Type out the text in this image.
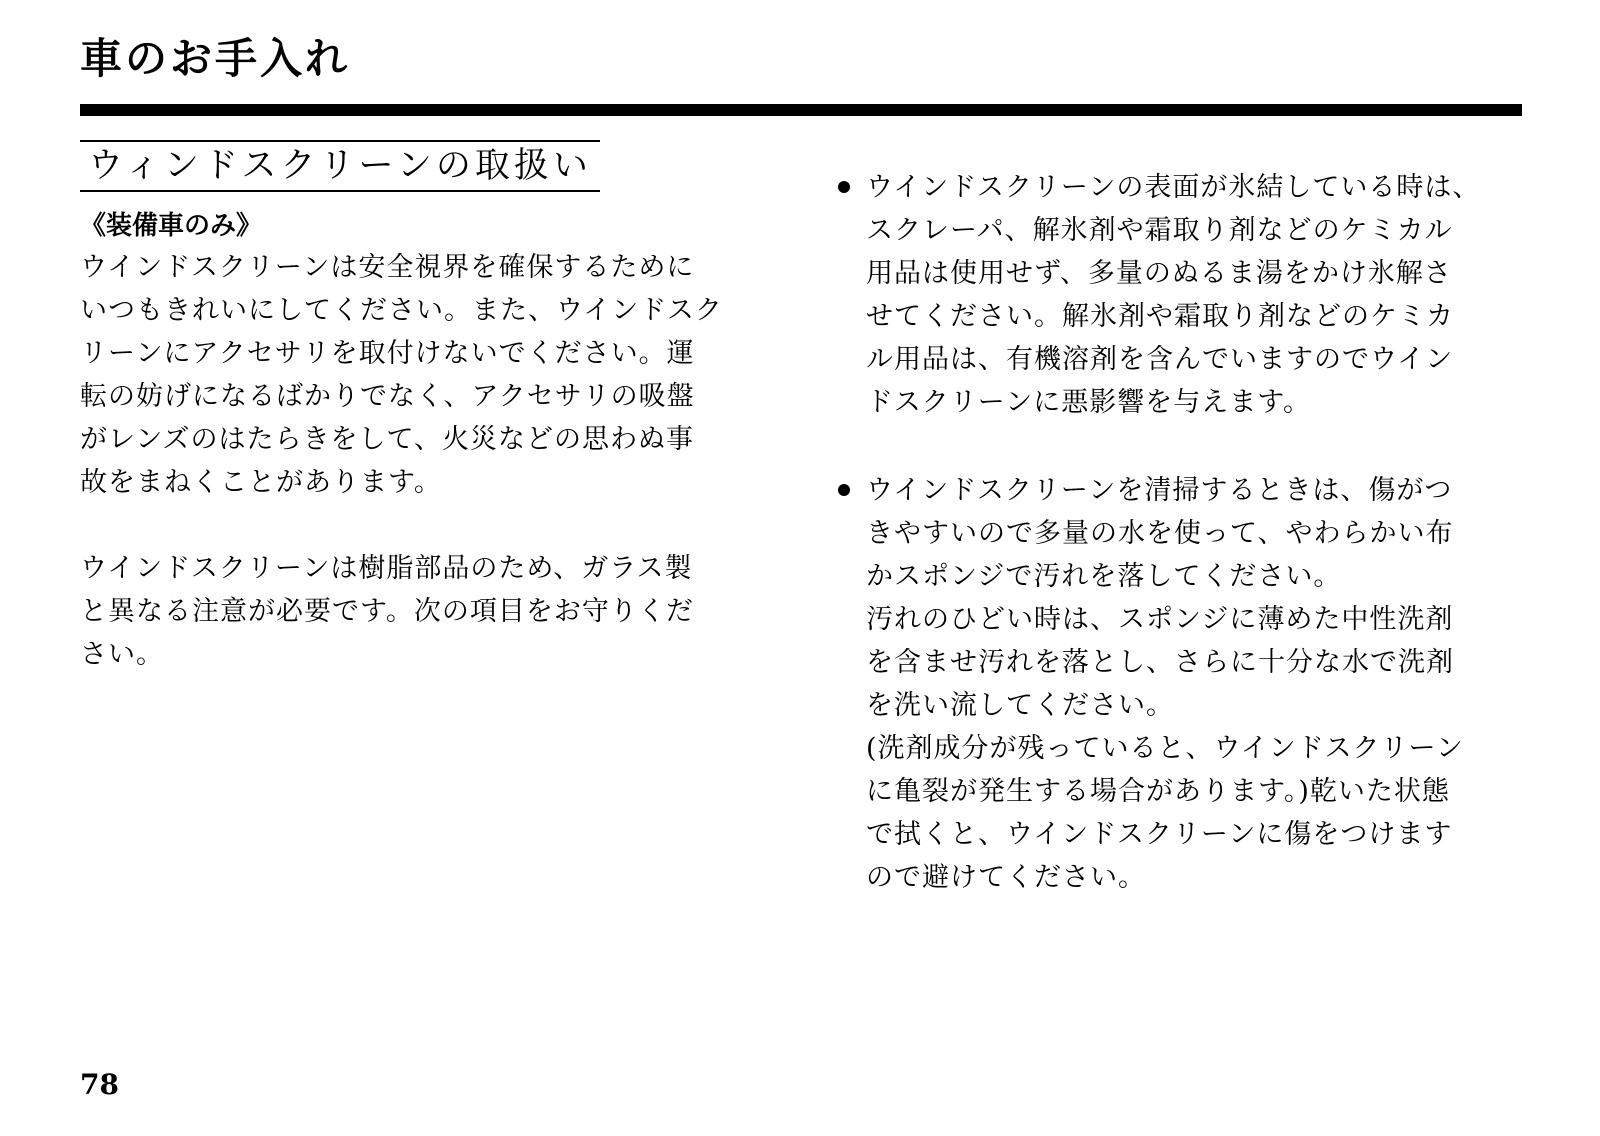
車のお手入れ
ウィンドスクリーンの取扱い
《装備車のみ》

ウインドスクリーンは安全視界を確保するために
いつもきれいにしてください。また、ウインドスク
リーンにアクセサリを取付けないでください。運
転の妨げになるばかりでなく、アクセサリの吸盤
がレンズのはたらきをして、火災などの思わぬ事
故をまねくことがあります。

ウインドスクリーンは樹脂部品のため、ガラス製
と異なる注意が必要です。次の項目をお守りくだ
さい。

ウインドスクリーンの表面が氷結している時は、
スクレーパ、解氷剤や霜取り剤などのケミカル
用品は使用せず、多量のぬるま湯をかけ氷解さ
せてください。解氷剤や霜取り剤などのケミカ
ル用品は、有機溶剤を含んでいますのでウイン
ドスクリーンに悪影響を与えます。

ウインドスクリーンを清掃するときは、傷がつ
きやすいので多量の水を使って、やわらかい布
かスポンジで汚れを落してください。
汚れのひどい時は、スポンジに薄めた中性洗剤
を含ませ汚れを落とし、さらに十分な水で洗剤
を洗い流してください。
(洗剤成分が残っていると、ウインドスクリーン
に亀裂が発生する場合があります。)乾いた状態
で拭くと、ウインドスクリーンに傷をつけます
ので避けてください。

78
